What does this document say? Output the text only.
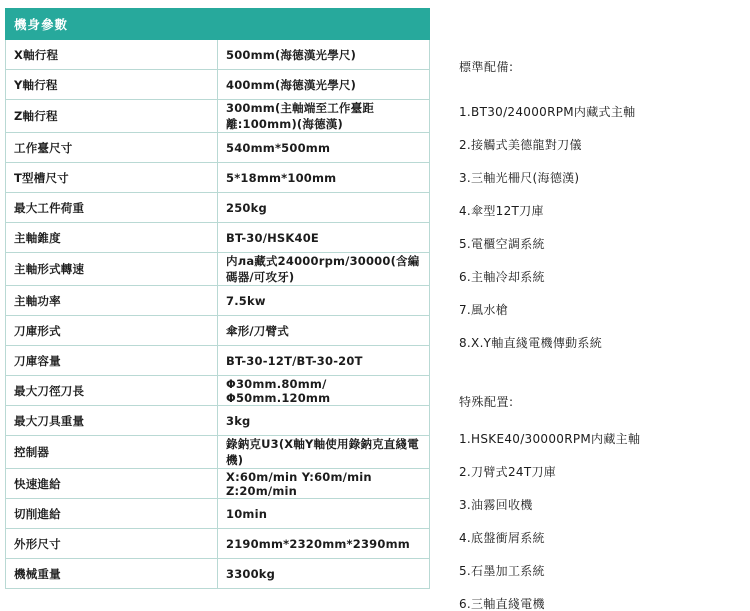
機身參數	
X軸行程	500mm(海德漢光學尺)
Y軸行程	400mm(海德漢光學尺)
Z軸行程	300mm(主軸端至工作臺距離:100mm)(海德漢)
工作臺尺寸	540mm*500mm
T型槽尺寸	5*18mm*100mm
最大工件荷重	250kg
主軸錐度	BT-30/HSK40E
主軸形式轉速	内ла藏式24000rpm/30000(含編碼器/可攻牙)
主軸功率	7.5kw
刀庫形式	傘形/刀臂式
刀庫容量	BT-30-12T/BT-30-20T
最大刀徑刀長	Φ30mm.80mm/Φ50mm.120mm
最大刀具重量	3kg
控制器	錄鈉克U3(X軸Y軸使用錄鈉克直綫電機)
快速進給	X:60m/min Y:60m/min Z:20m/min
切削進給	10min
外形尺寸	2190mm*2320mm*2390mm
機械重量	3300kg
標準配備:
1.BT30/24000RPM内藏式主軸
2.接觸式美德龍對刀儀
3.三軸光柵尺(海德漢)
4.傘型12T刀庫
5.電櫃空調系統
6.主軸冷却系統
7.風水槍
8.X.Y軸直綫電機傳動系統
特殊配置:
1.HSKE40/30000RPM内藏主軸
2.刀臂式24T刀庫
3.油霧回收機
4.底盤衝屑系統
5.石墨加工系統
6.三軸直綫電機
